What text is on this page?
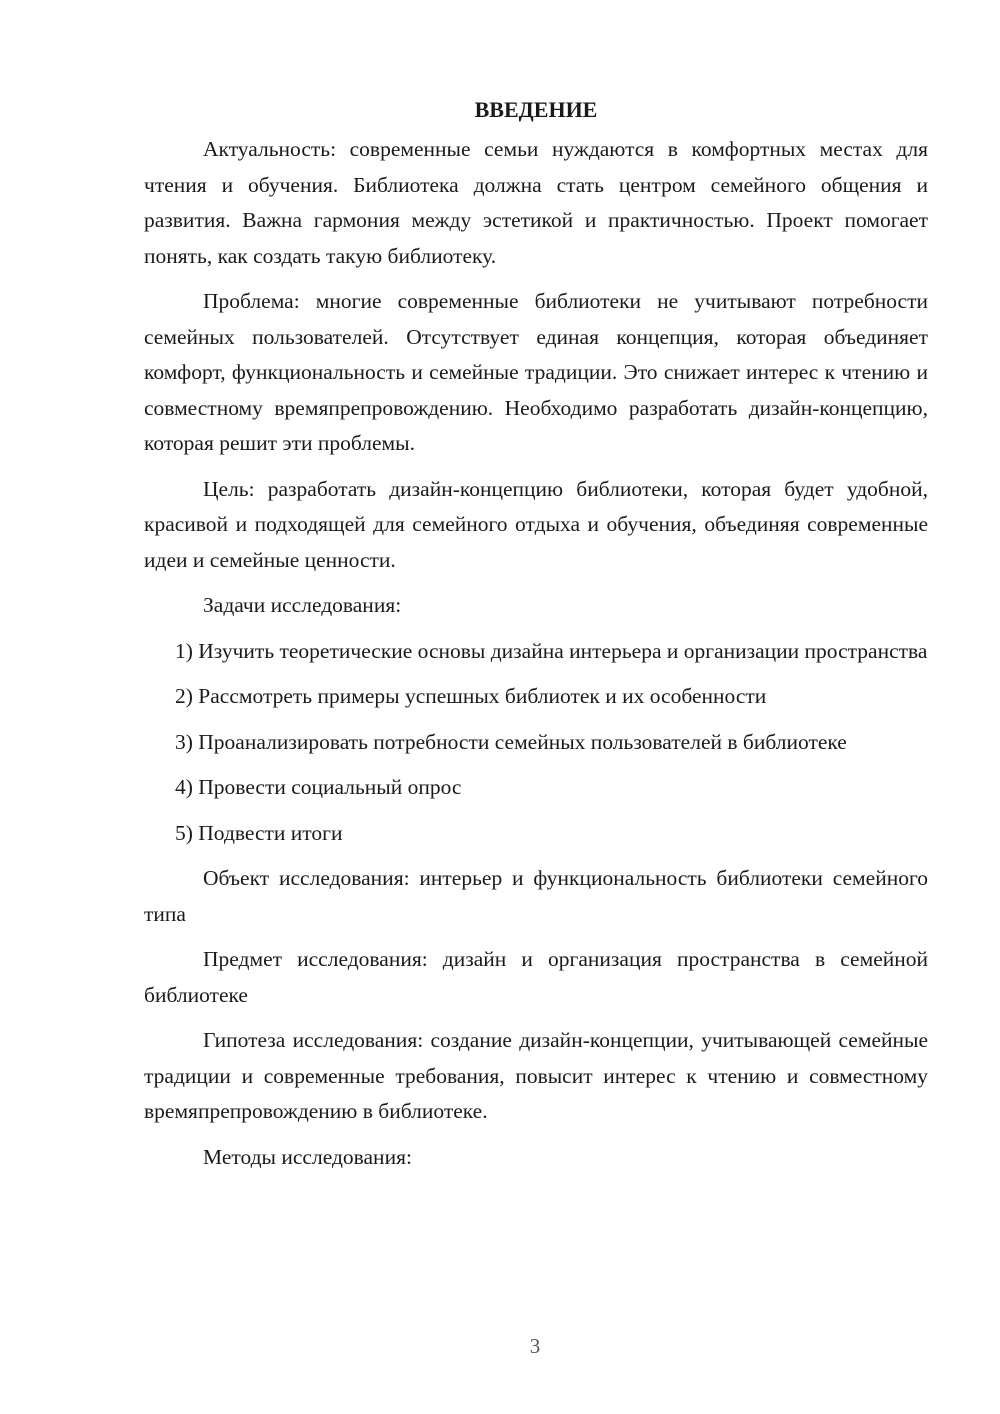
ВВЕДЕНИЕ

Актуальность: современные семьи нуждаются в комфортных местах для чтения и обучения. Библиотека должна стать центром семейного общения и развития. Важна гармония между эстетикой и практичностью. Проект помогает понять, как создать такую библиотеку.

Проблема: многие современные библиотеки не учитывают потребности семейных пользователей. Отсутствует единая концепция, которая объединяет комфорт, функциональность и семейные традиции. Это снижает интерес к чтению и совместному времяпрепровождению. Необходимо разработать дизайн-концепцию, которая решит эти проблемы.

Цель: разработать дизайн-концепцию библиотеки, которая будет удобной, красивой и подходящей для семейного отдыха и обучения, объединяя современные идеи и семейные ценности.

Задачи исследования:

1) Изучить теоретические основы дизайна интерьера и организации пространства

2) Рассмотреть примеры успешных библиотек и их особенности

3) Проанализировать потребности семейных пользователей в библиотеке

4) Провести социальный опрос

5) Подвести итоги

Объект исследования: интерьер и функциональность библиотеки семейного типа

Предмет исследования: дизайн и организация пространства в семейной библиотеке

Гипотеза исследования: создание дизайн-концепции, учитывающей семейные традиции и современные требования, повысит интерес к чтению и совместному времяпрепровождению в библиотеке.

Методы исследования:

3
